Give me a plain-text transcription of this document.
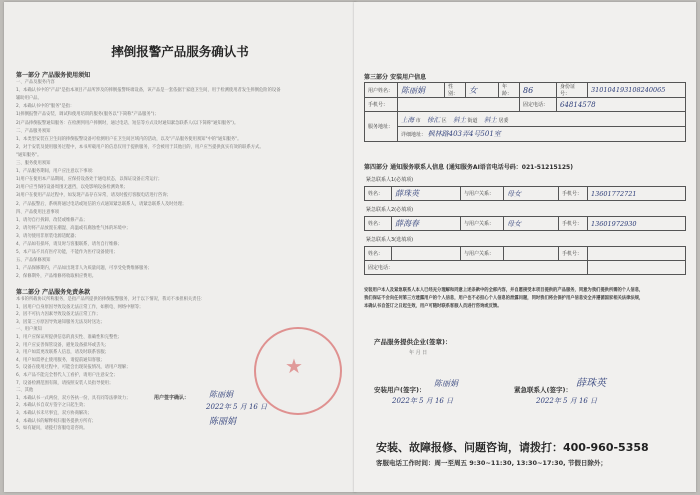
摔倒报警产品服务确认书
第一部分 产品服务使用须知
一、产品及服务内容
1、本确认书中的"产品"是指本项目产品所涉及的摔倒报警终端设备，该产品是一套依据于家庭卫生间，用于检测使用者发生摔倒危险的设备
辅助用户品。
2、本确认书中的"服务"是指：
1)摔倒报警产品安装、调试和使用培训的服务(服务以"下简称"产品服务")；
2)产品摔倒报警通知服务：在检测到用户摔倒时，通过电话、短信等方式及时通知紧急联系人(以下简称"通知服务")。
二、产品服务须知
1、本类型安装在卫生间的摔倒报警设备可检测用户在卫生间区域内的活动，以及"产品服务使用须知"中的"通知服务"。
2、对于安装及使用服务过程中，本书所载用户的信息仅用于提供服务，不会被用于其他目的，用户应当提供真实有效的联系方式。
"通知服务"。
三、服务使用须知
1、产品服务期间，用户应注意以下事项：
1)用户在使用本产品期间，应保持设备处于通电状态，以保证设备正常运行；
2)用户应当保持设备周围无遮挡，以免影响设备检测效果；
3)用户在使用产品过程中，如发现产品存在异常，请及时拨打客服电话进行咨询；
2、产品报警后，系统将通过电话或短信的方式通知紧急联系人，请紧急联系人及时处理；
四、产品使用注意事项
1、请勿自行拆卸、改装或维修产品；
2、请勿将产品放置在潮湿、高温或有腐蚀性气体的环境中；
3、请勿使用非原装电源适配器；
4、产品如有损坏，请及时与客服联系，请勿自行维修；
5、本产品不具有医疗功能，不能作为医疗设备使用；
五、产品保修须知
1、产品保修期内，产品如出现非人为质量问题，可享受免费维修服务；
2、保修期外，产品维修将收取相应费用。
第二部分 产品服务免责条款
本书的所载协议所称服务，是指产品所提供的摔倒报警服务，对于以下情况，我司不承担相关责任：
1、因用户自身原因导致设备无法正常工作，如断电、网络中断等；
2、因不可抗力因素导致设备无法正常工作；
3、因第三方原因导致通知服务无法及时送达；
一、用户须知
1、用户应保证所提供信息的真实性、准确性和完整性；
2、用户应妥善保管设备，避免设备损坏或丢失；
3、用户如需更改联系人信息，请及时联系客服；
4、用户如需停止使用服务，请提前通知客服；
5、设备在使用过程中，可能会出现误报情况，请用户理解；
6、本产品不能完全替代人工看护，请用户注意安全；
7、设备检测范围有限，请按照安装人员指导使用；
二、其他
1、本确认书一式两份，双方各执一份，具有同等法律效力；
2、本确认书自双方签字之日起生效；
3、本确认书未尽事宜，双方协商解决；
4、本确认书的解释权归服务提供方所有；
5、如有疑问，请拨打客服电话咨询。
★
陈丽娟
用户签字确认：
2022年 5 月 16 日
陈丽娟
第三部分 安装用户信息
用户姓名：	陈丽娟	性别：	女	年龄：	86	身份证号：	310104193108240065
手机号：					固定电话：	64814578	
服务地址：	上海 市 徐汇 区 斜土 街道 斜土 居委						
	详细地址： 枫林路403弄4号501室						
第四部分 通知服务联系人信息 (通知服务AI语音电话号码：021-51215125)
紧急联系人1(必填项)
姓名：	薛珠英	与用户关系：	母女	手机号：	13601772721
紧急联系人2(必填项)
姓名：	薛海春	与用户关系：	母女	手机号：	13601972930
紧急联系人3(选填项)
姓名：		与用户关系：		手机号：	
固定电话：					
安装用户本人及紧急联系人本人已经充分理解和同意上述条款中的全部内容，并自愿接受本项目提供的产品服务，同意为我们提供所需的个人信息，
我们保证不会向任何第三方透露用户的个人信息，用户也不必担心个人信息的泄露问题，同时我们将会保护用户信息安全并遵循国家相关法律法规，
本确认书自签订之日起生效，用户可随时联系客服人员进行咨询或反馈。
产品服务提供企业(签章)：
年 月 日
安装用户(签字)：
陈丽娟
2022年 5 月 16 日
紧急联系人(签字)：
薛珠英
2022年 5 月 16 日
安装、故障报修、问题咨询，请拨打：400-960-5358
客服电话工作时间：周一至周五 9:30~11:30, 13:30~17:30, 节假日除外；
